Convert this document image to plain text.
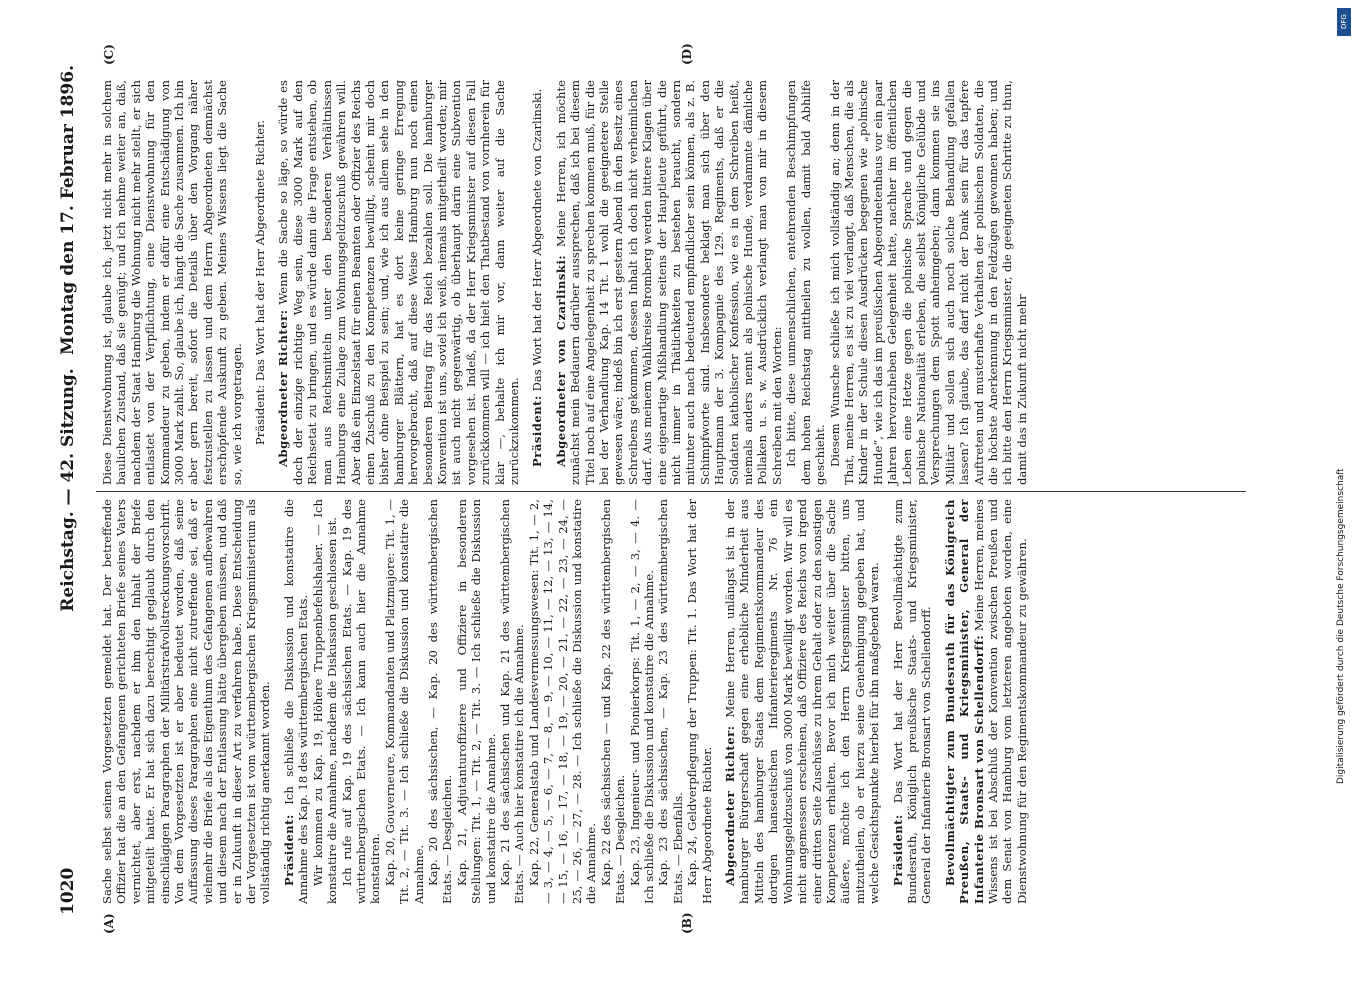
1020
Reichstag. — 42. Sitzung.
Montag den 17. Februar 1896.
(A)	(B)
(C)	(D)

Sache selbst seinen Vorgesetzten gemeldet hat. Der betreffende Offizier hat die an den Gefangenen gerichteten Briefe seines Vaters vernichtet, aber erst, nachdem er ihm den Inhalt der Briefe mitgeteilt hatte. Er hat sich dazu berechtigt geglaubt durch den einschlägigen Paragraphen der Militärstrafvollstreckungsvorschrift. Von dem Vorgesetzten ist er aber bedeutet worden, daß seine Auffassung dieses Paragraphen eine nicht zutreffende sei, daß er vielmehr die Briefe als das Eigenthum des Gefangenen aufbewahren und diesem nach der Entlassung hätte übergeben müssen, und daß er in Zukunft in dieser Art zu verfahren habe. Diese Entscheidung der Vorgesetzten ist vom württembergischen Kriegsministerium als vollständig richtig anerkannt worden. Präsident: Ich schließe die Diskussion und konstatire die Annahme des Kap. 18 des württembergischen Etats. Wir kommen zu Kap. 19, Höhere Truppenbefehlshaber. — Ich konstatire die Annahme, nachdem die Diskussion geschlossen ist. Ich rufe auf Kap. 19 des sächsischen Etats. — Kap. 19 des württembergischen Etats. — Ich kann auch hier die Annahme konstatiren. Kap. 20, Gouverneure, Kommandanten und Platzmajore: Tit. 1, — Tit. 2, — Tit. 3. — Ich schließe die Diskussion und konstatire die Annahme. Kap. 20 des sächsischen, — Kap. 20 des württembergischen Etats. — Desgleichen. Kap. 21, Adjutanturoffiziere und Offiziere in besonderen Stellungen: Tit. 1, — Tit. 2, — Tit. 3. — Ich schließe die Diskussion und konstatire die Annahme. Kap. 21 des sächsischen und Kap. 21 des württembergischen Etats. — Auch hier konstatire ich die Annahme. Kap. 22, Generalstab und Landesvermessungswesen: Tit. 1, — 2, — 3, — 4, — 5, — 6, — 7, — 8, — 9, — 10, — 11, — 12, — 13, — 14, — 15, — 16, — 17, — 18, — 19, — 20, — 21, — 22, — 23, — 24, — 25, — 26, — 27, — 28. — Ich schließe die Diskussion und konstatire die Annahme. Kap. 22 des sächsischen — und Kap. 22 des württembergischen Etats. — Desgleichen. Kap. 23, Ingenieur- und Pionierkorps: Tit. 1, — 2, — 3, — 4. — Ich schließe die Diskussion und konstatire die Annahme. Kap. 23 des sächsischen, — Kap. 23 des württembergischen Etats. — Ebenfalls. Kap. 24, Geldverpflegung der Truppen: Tit. 1. Das Wort hat der Herr Abgeordnete Richter. Abgeordneter Richter: Meine Herren, unlängst ist in der hamburger Bürgerschaft gegen eine erhebliche Minderheit aus Mitteln des hamburger Staats dem Regimentskommandeur des dortigen hanseatischen Infanterieregiments Nr. 76 ein Wohnungsgeldzuschuß von 3000 Mark bewilligt worden. Wir will es nicht angemessen erscheinen, daß Offiziere des Reichs von irgend einer dritten Seite Zuschüsse zu ihrem Gehalt oder zu den sonstigen Kompetenzen erhalten. Bevor ich mich weiter über die Sache äußere, möchte ich den Herrn Kriegsminister bitten, uns mitzutheilen, ob er hierzu seine Genehmigung gegeben hat, und welche Gesichtspunkte hierbei für ihn maßgebend waren. Präsident: Das Wort hat der Herr Bevollmächtigte zum Bundesrath, Königlich preußische Staats- und Kriegsminister, General der Infanterie Bronsart von Schellendorff. Bevollmächtigter zum Bundesrath für das Königreich Preußen, Staats- und Kriegsminister, General der Infanterie Bronsart von Schellendorff: Meine Herren, meines Wissens ist bei Abschluß der Konvention zwischen Preußen und dem Senat von Hamburg vom letzteren angeboten worden, eine Dienstwohnung für den Regimentskommandeur zu gewähren.

Diese Dienstwohnung ist, glaube ich, jetzt nicht mehr in solchem baulichen Zustand, daß sie genügt; und ich nehme weiter an, daß, nachdem der Staat Hamburg die Wohnung nicht mehr stellt, er sich entlastet von der Verpflichtung, eine Dienstwohnung für den Kommandeur zu geben, indem er dafür eine Entschädigung von 3000 Mark zahlt. So, glaube ich, hängt die Sache zusammen. Ich bin aber gern bereit, sofort die Details über den Vorgang näher festzustellen zu lassen und dem Herrn Abgeordneten demnächst erschöpfende Auskunft zu geben. Meines Wissens liegt die Sache so, wie ich vorgetragen. Präsident: Das Wort hat der Herr Abgeordnete Richter. Abgeordneter Richter: Wenn die Sache so läge, so würde es doch der einzige richtige Weg sein, diese 3000 Mark auf den Reichsetat zu bringen, und es würde dann die Frage entstehen, ob man aus Reichsmitteln unter den besonderen Verhältnissen Hamburgs eine Zulage zum Wohnungsgeldzuschuß gewähren will. Aber daß ein Einzelstaat für einen Beamten oder Offizier des Reichs einen Zuschuß zu den Kompetenzen bewilligt, scheint mir doch bisher ohne Beispiel zu sein; und, wie ich aus allem sehe in den hamburger Blättern, hat es dort keine geringe Erregung hervorgebracht, daß auf diese Weise Hamburg nun noch einen besonderen Beitrag für das Reich bezahlen soll. Die hamburger Konvention ist uns, soviel ich weiß, niemals mitgetheilt worden; mir ist auch nicht gegenwärtig, ob überhaupt darin eine Subvention vorgesehen ist. Indeß, da der Herr Kriegsminister auf diesen Fall zurückkommen will — ich hielt den Thatbestand von vornherein für klar —, behalte ich mir vor, dann weiter auf die Sache zurückzukommen. Präsident: Das Wort hat der Herr Abgeordnete von Czarlinski. Abgeordneter von Czarlinski: Meine Herren, ich möchte zunächst mein Bedauern darüber aussprechen, daß ich bei diesem Titel noch auf eine Angelegenheit zu sprechen kommen muß, für die bei der Verhandlung Kap. 14 Tit. 1 wohl die geeignetere Stelle gewesen wäre; indeß bin ich erst gestern Abend in den Besitz eines Schreibens gekommen, dessen Inhalt ich doch nicht verheimlichen darf. Aus meinem Wahlkreise Bromberg werden bittere Klagen über eine eigenartige Mißhandlung seitens der Hauptleute geführt, die nicht immer in Thätlichkeiten zu bestehen braucht, sondern mitunter auch nach bedeutend empfindlicher sein können, als z. B. Schimpfworte sind. Insbesondere beklagt man sich über den Hauptmann der 3. Kompagnie des 129. Regiments, daß er die Soldaten katholischer Konfession, wie es in dem Schreiben heißt, niemals anders nennt als polnische Hunde, verdammte dämliche Pollaken u. s. w. Ausdrücklich verlangt man von mir in diesem Schreiben mit den Worten: Ich bitte, diese unmenschlichen, entehrenden Beschimpfungen dem hohen Reichstag mittheilen zu wollen, damit bald Abhilfe geschieht. Diesem Wunsche schließe ich mich vollständig an; denn in der That, meine Herren, es ist zu viel verlangt, daß Menschen, die als Kinder in der Schule diesen Ausdrücken begegnen wie „polnische Hunde“, wie ich das im preußischen Abgeordnetenhaus vor ein paar Jahren hervorzuheben Gelegenheit hatte, nachher im öffentlichen Leben eine Hetze gegen die polnische Sprache und gegen die polnische Nationalität erleben, die selbst Königliche Gelübde und Versprechungen dem Spott anheimgeben; dann kommen sie ins Militär und sollen sich auch noch solche Behandlung gefallen lassen? Ich glaube, das darf nicht der Dank sein für das tapfere Auftreten und musterhafte Verhalten der polnischen Soldaten, die die höchste Anerkennung in den Feldzügen gewonnen haben; und ich bitte den Herrn Kriegsminister, die geeigneten Schritte zu thun, damit das in Zukunft nicht mehr

DFG
Digitalisierung gefördert durch die Deutsche Forschungsgemeinschaft
